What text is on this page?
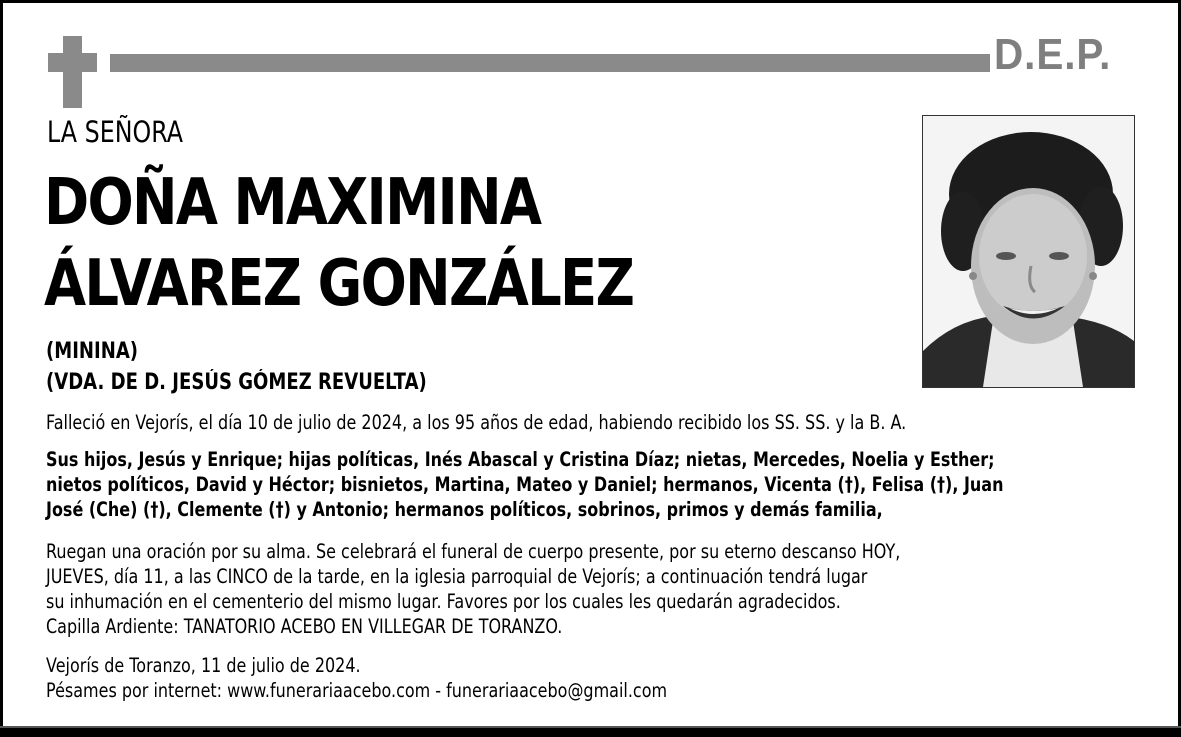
D.E.P.
LA SEÑORA
DOÑA MAXIMINA
ÁLVAREZ GONZÁLEZ
(MININA)
(VDA. DE D. JESÚS GÓMEZ REVUELTA)
Falleció en Vejorís, el día 10 de julio de 2024, a los 95 años de edad, habiendo recibido los SS. SS. y la B. A.
Sus hijos, Jesús y Enrique; hijas políticas, Inés Abascal y Cristina Díaz; nietas, Mercedes, Noelia y Esther;
nietos políticos, David y Héctor; bisnietos, Martina, Mateo y Daniel; hermanos, Vicenta (†), Felisa (†), Juan
José (Che) (†), Clemente (†) y Antonio; hermanos políticos, sobrinos, primos y demás familia,
Ruegan una oración por su alma. Se celebrará el funeral de cuerpo presente, por su eterno descanso HOY,
JUEVES, día 11, a las CINCO de la tarde, en la iglesia parroquial de Vejorís; a continuación tendrá lugar
su inhumación en el cementerio del mismo lugar. Favores por los cuales les quedarán agradecidos.
Capilla Ardiente: TANATORIO ACEBO EN VILLEGAR DE TORANZO.
Vejorís de Toranzo, 11 de julio de 2024.
Pésames por internet: www.funerariaacebo.com - funerariaacebo@gmail.com
